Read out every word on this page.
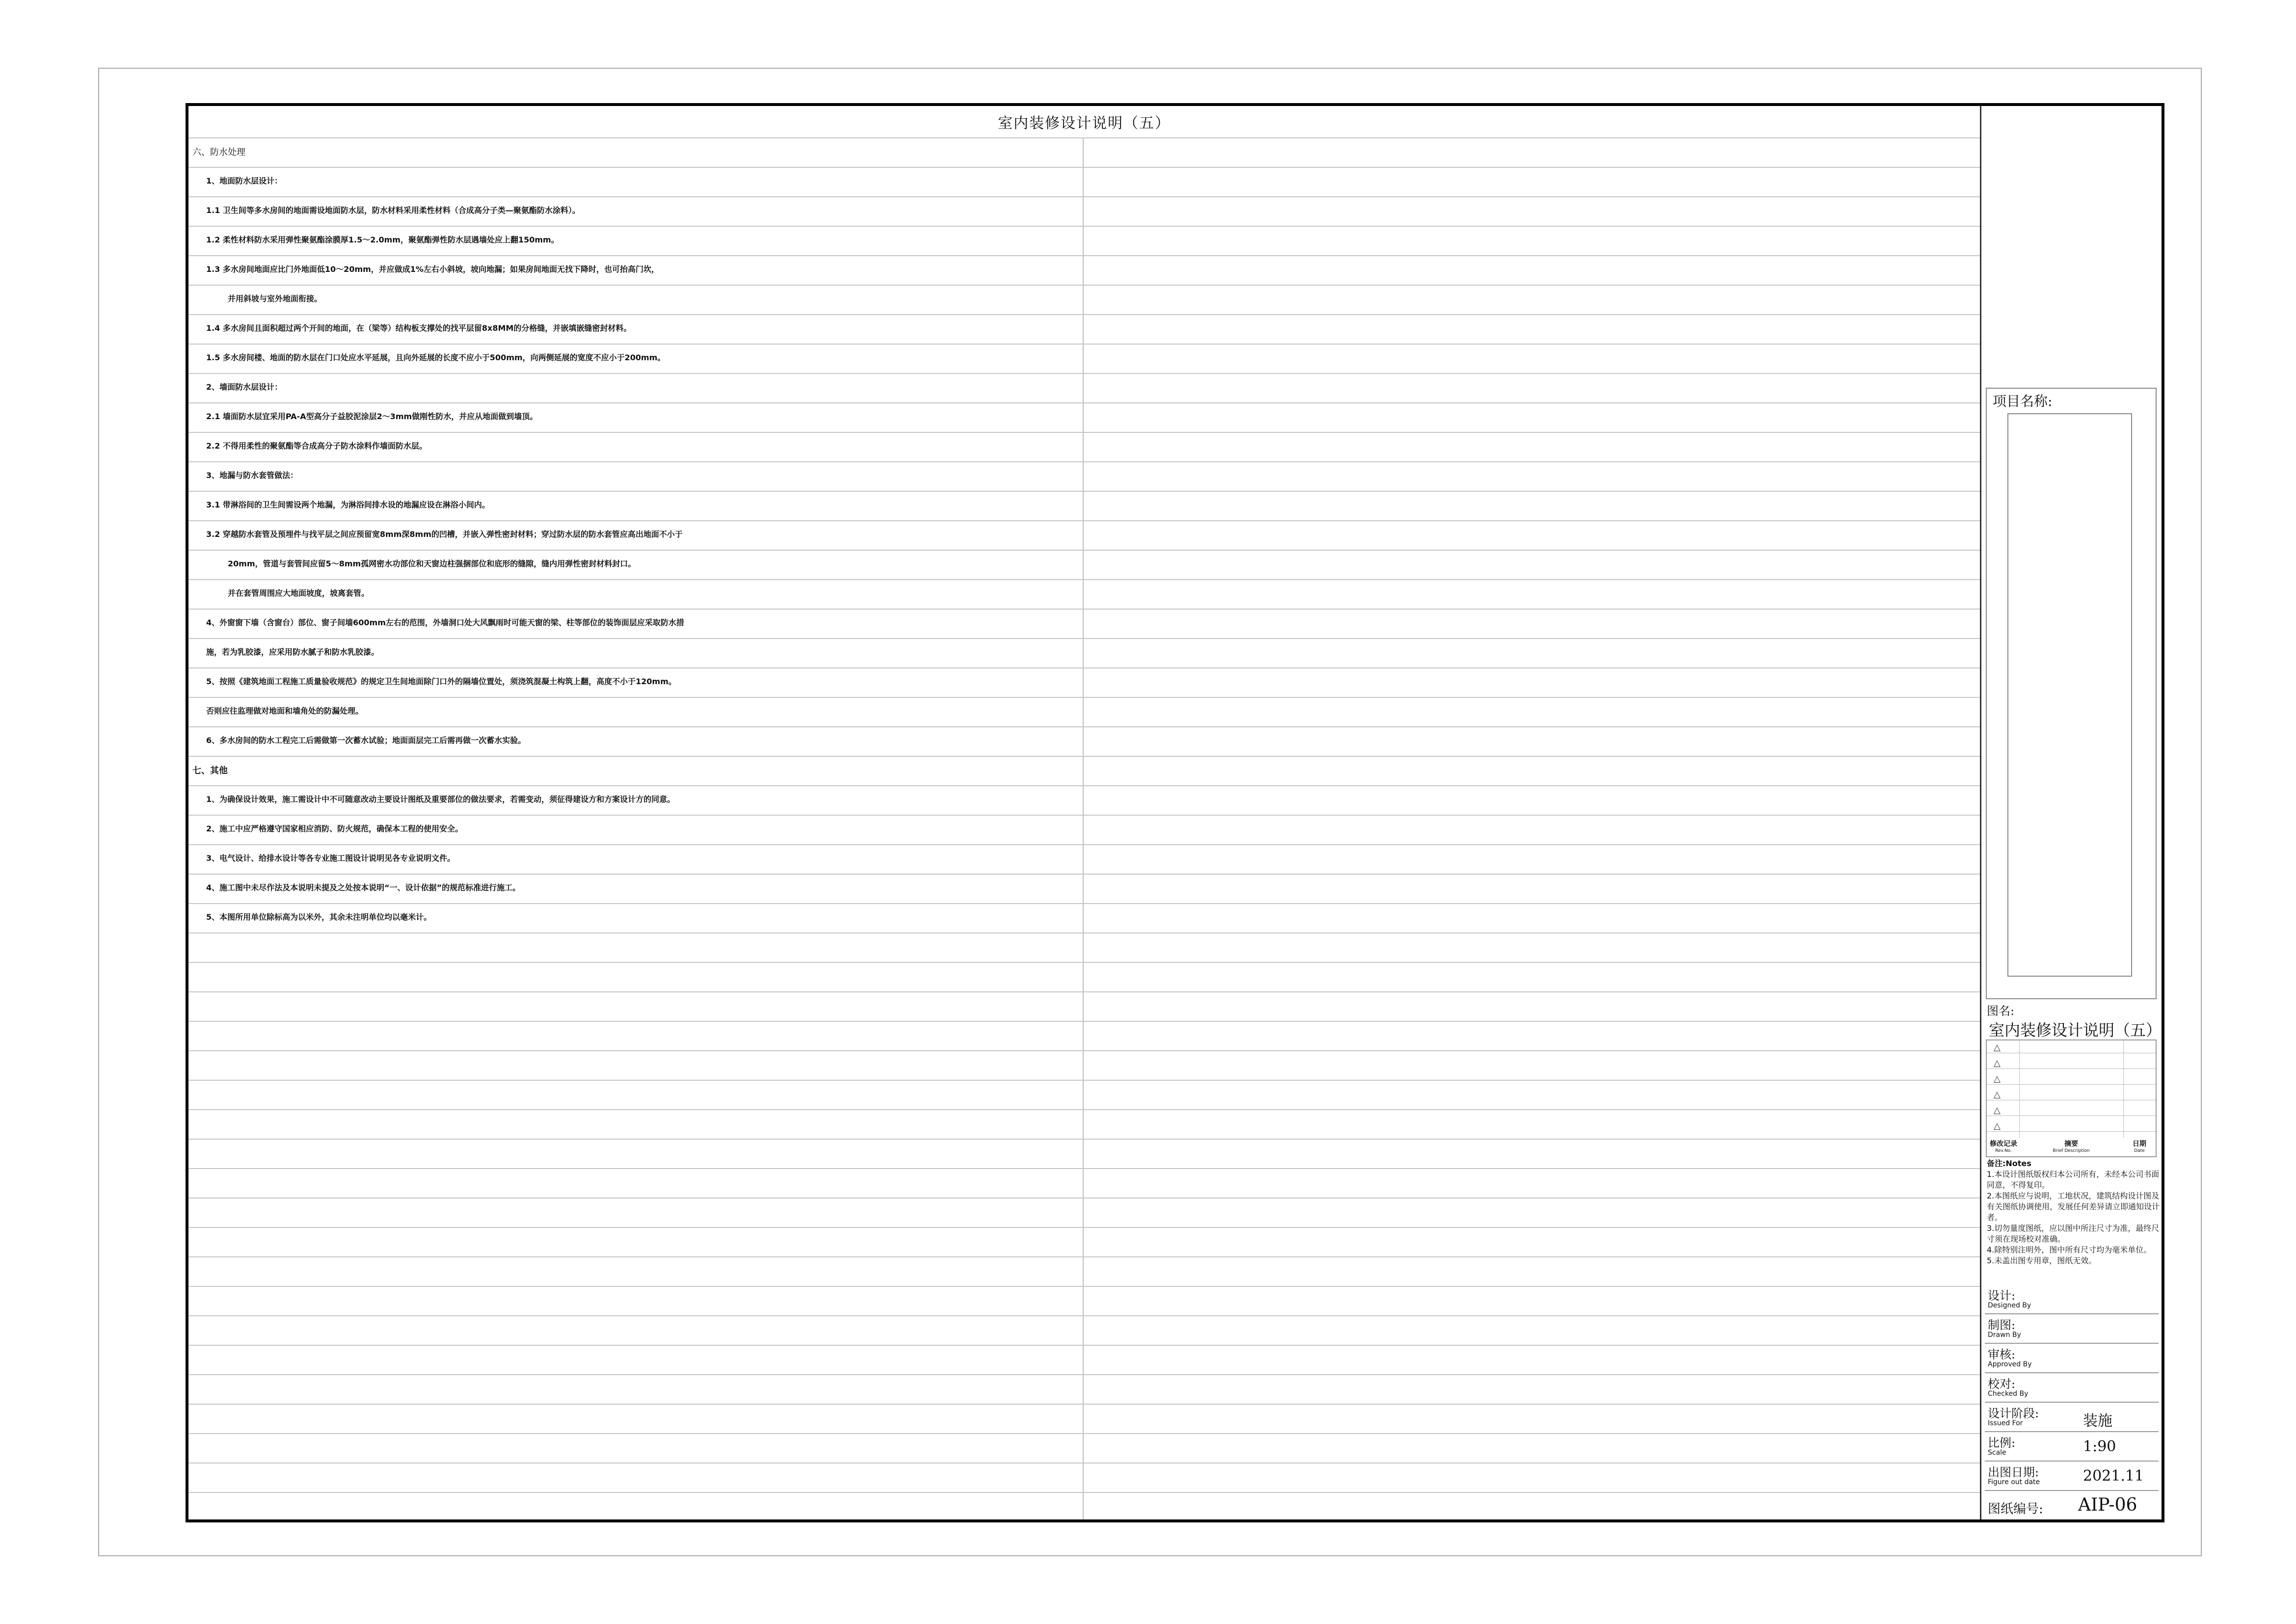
室内装修设计说明（五）
六、防水处理
1、地面防水层设计：
1.1 卫生间等多水房间的地面需设地面防水层，防水材料采用柔性材料（合成高分子类—聚氨酯防水涂料）。
1.2 柔性材料防水采用弹性聚氨酯涂膜厚1.5～2.0mm，聚氨酯弹性防水层遇墙处应上翻150mm。
1.3 多水房间地面应比门外地面低10～20mm，并应做成1%左右小斜坡，坡向地漏；如果房间地面无找下降时，也可抬高门坎，
并用斜坡与室外地面衔接。
1.4 多水房间且面积超过两个开间的地面，在（梁等）结构板支撑处的找平层留8x8MM的分格缝，并嵌填嵌缝密封材料。
1.5 多水房间楼、地面的防水层在门口处应水平延展，且向外延展的长度不应小于500mm，向两侧延展的宽度不应小于200mm。
2、墙面防水层设计：
2.1 墙面防水层宜采用PA-A型高分子益胶泥涂层2～3mm做刚性防水，并应从地面做到墙顶。
2.2 不得用柔性的聚氨酯等合成高分子防水涂料作墙面防水层。
3、地漏与防水套管做法：
3.1 带淋浴间的卫生间需设两个地漏，为淋浴间排水设的地漏应设在淋浴小间内。
3.2 穿越防水套管及预埋件与找平层之间应预留宽8mm深8mm的凹槽，并嵌入弹性密封材料；穿过防水层的防水套管应高出地面不小于
20mm，管道与套管间应留5～8mm孤网密水功部位和天窗边柱强捆部位和底形的缝隙，缝内用弹性密封材料封口。
并在套管周围应大地面坡度，坡离套管。
4、外窗窗下墙（含窗台）部位、窗子间墙600mm左右的范围，外墙洞口处大风飘雨时可能天窗的梁、柱等部位的装饰面层应采取防水措
施，若为乳胶漆，应采用防水腻子和防水乳胶漆。
5、按照《建筑地面工程施工质量验收规范》的规定卫生间地面除门口外的隔墙位置处，须浇筑混凝土构筑上翻，高度不小于120mm。
否则应往监理做对地面和墙角处的防漏处理。
6、多水房间的防水工程完工后需做第一次蓄水试验；地面面层完工后需再做一次蓄水实验。
七、其他
1、为确保设计效果，施工需设计中不可随意改动主要设计图纸及重要部位的做法要求，若需变动，须征得建设方和方案设计方的同意。
2、施工中应严格遵守国家相应消防、防火规范，确保本工程的使用安全。
3、电气设计、给排水设计等各专业施工图设计说明见各专业说明文件。
4、施工图中未尽作法及本说明未提及之处按本说明“一、设计依据”的规范标准进行施工。
5、本图所用单位除标高为以米外，其余未注明单位均以毫米计。
项目名称:
图名:
室内装修设计说明（五）
修改记录
Rev.No.
摘要
Brief Description
日期
Date
△
△
△
△
△
△
备注:Notes
1.本设计图纸版权归本公司所有，未经本公司书面同意，不得复印。
2.本图纸应与说明，工地状况，建筑结构设计图及有关图纸协调使用，发展任何差异请立即通知设计者。
3.切勿量度图纸，应以图中所注尺寸为准，最终尺寸须在现场校对准确。
4.除特别注明外，图中所有尺寸均为毫米单位。
5.未盖出图专用章，图纸无效。
设计:
Designed By
制图:
Drawn By
审核:
Approved By
校对:
Checked By
设计阶段:
Issued For	装施
比例:
Scale	1:90
出图日期:
Figure out date	2021.11
图纸编号: AIP-06
